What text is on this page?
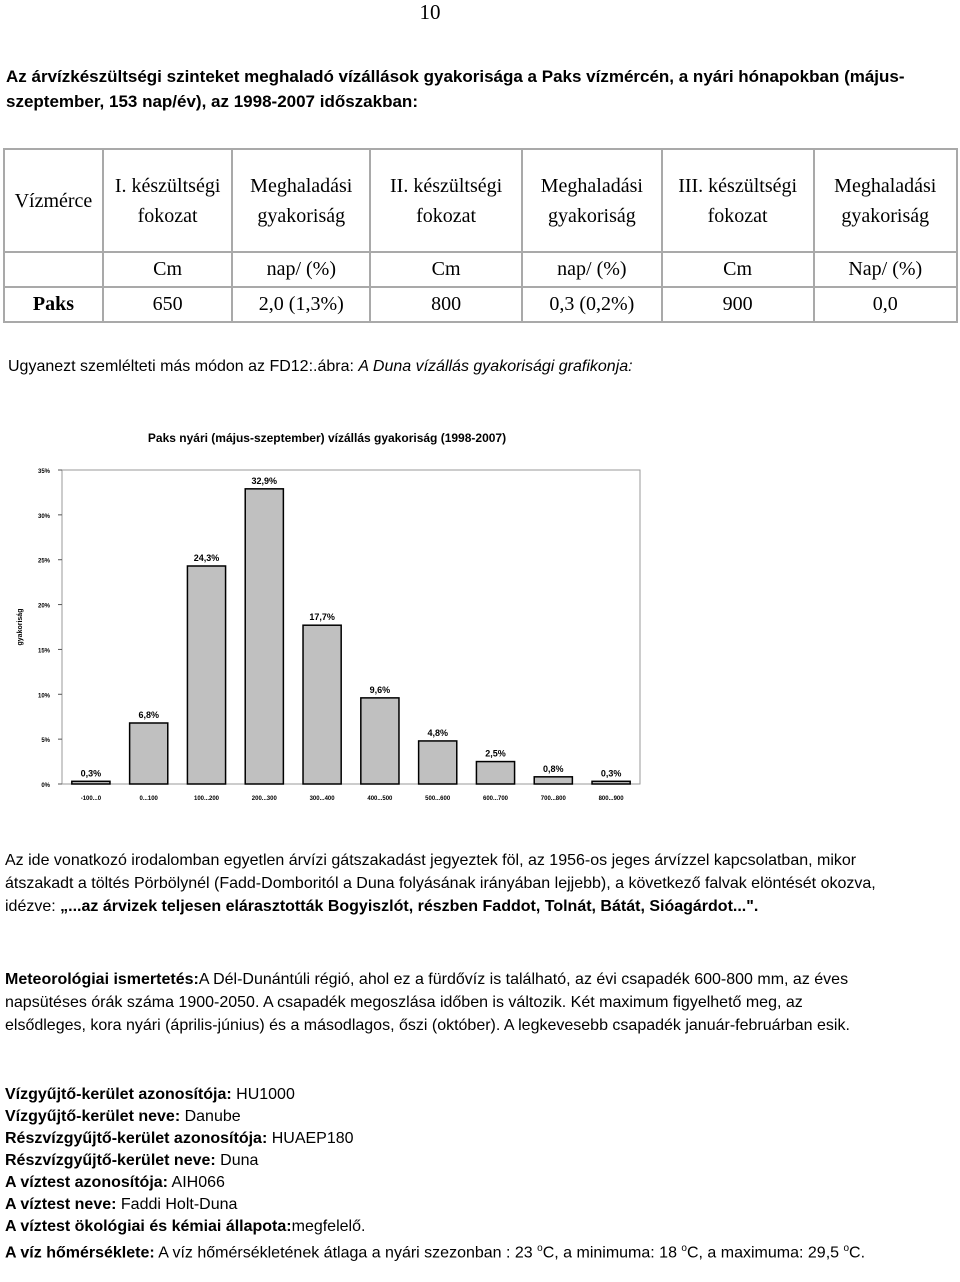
10
Az árvízkészültségi szinteket meghaladó vízállások gyakorisága a Paks vízmércén, a nyári hónapokban (május-szeptember, 153 nap/év), az 1998-2007 időszakban:
Vízmérce	I. készültségi fokozat	Meghaladási gyakoriság	II. készültségi fokozat	Meghaladási gyakoriság	III. készültségi fokozat	Meghaladási gyakoriság
	Cm	nap/ (%)	Cm	nap/ (%)	Cm	Nap/ (%)
Paks	650	2,0 (1,3%)	800	0,3 (0,2%)	900	0,0
Ugyanezt szemlélteti más módon az FD12:.ábra: A Duna vízállás gyakorisági grafikonja:
Paks nyári (május-szeptember) vízállás gyakoriság (1998-2007)
0%
5%
10%
15%
20%
25%
30%
35%
gyakoriság
0,3%
-100...0
6,8%
0...100
24,3%
100...200
32,9%
200...300
17,7%
300...400
9,6%
400...500
4,8%
500...600
2,5%
600...700
0,8%
700...800
0,3%
800...900
Az ide vonatkozó irodalomban egyetlen árvízi gátszakadást jegyeztek föl, az 1956-os jeges árvízzel kapcsolatban, mikor átszakadt a töltés Pörbölynél (Fadd-Domboritól a Duna folyásának irányában lejjebb), a következő falvak elöntését okozva, idézve: „...az árvizek teljesen elárasztották Bogyiszlót, részben Faddot, Tolnát, Bátát, Sióagárdot...".
Meteorológiai ismertetés:A Dél-Dunántúli régió, ahol ez a fürdővíz is található, az évi csapadék 600-800 mm, az éves napsütéses órák száma 1900-2050. A csapadék megoszlása időben is változik. Két maximum figyelhető meg, az elsődleges, kora nyári (április-június) és a másodlagos, őszi (október). A legkevesebb csapadék január-februárban esik.
Vízgyűjtő-kerület azonosítója: HU1000
Vízgyűjtő-kerület neve: Danube
Részvízgyűjtő-kerület azonosítója: HUAEP180
Részvízgyűjtő-kerület neve: Duna
A víztest azonosítója: AIH066
A víztest neve: Faddi Holt-Duna
A víztest ökológiai és kémiai állapota:megfelelő.
A víz hőmérséklete: A víz hőmérsékletének átlaga a nyári szezonban : 23 $^o$C, a minimuma: 18 $^o$C, a maximuma: 29,5 $^o$C.
